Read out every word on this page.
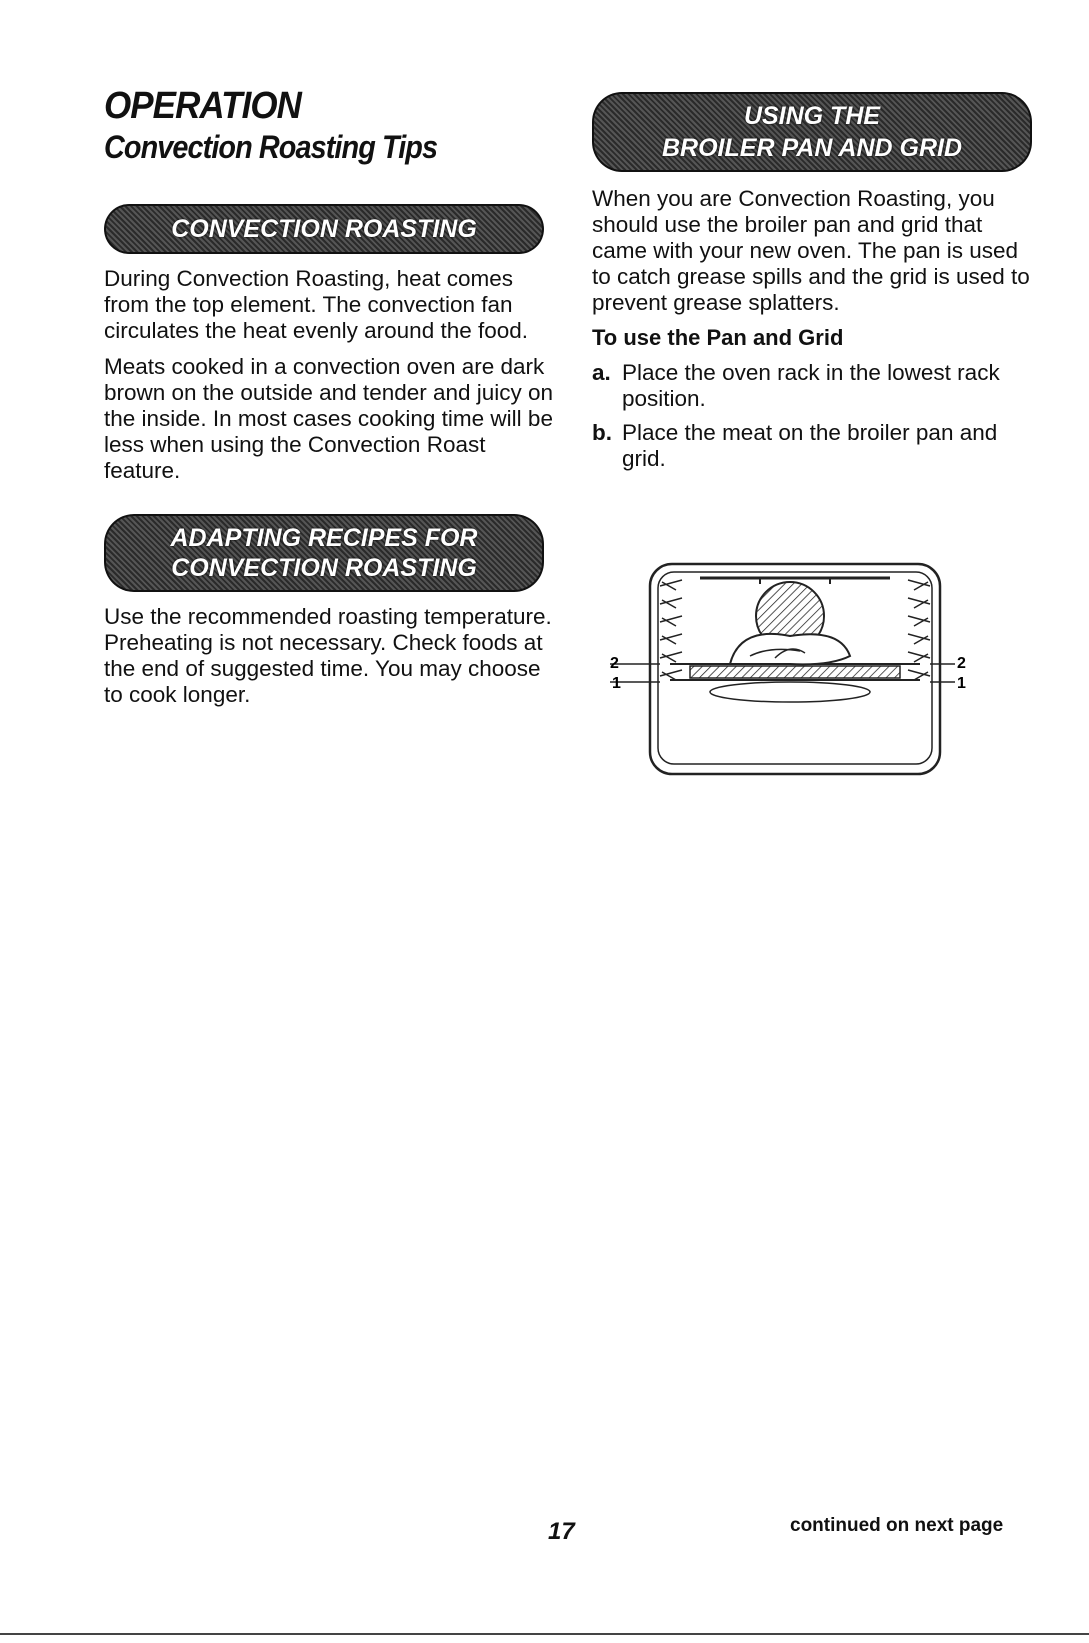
OPERATION
Convection Roasting Tips
CONVECTION ROASTING

During Convection Roasting, heat comes from the top element. The convection fan circulates the heat evenly around the food.

Meats cooked in a convection oven are dark brown on the outside and tender and juicy on the inside. In most cases cooking time will be less when using the Convection Roast feature.

ADAPTING RECIPES FOR
CONVECTION ROASTING

Use the recommended roasting temperature. Preheating is not necessary. Check foods at the end of suggested time. You may choose to cook longer.

USING THE
BROILER PAN AND GRID

When you are Convection Roasting, you should use the broiler pan and grid that came with your new oven. The pan is used to catch grease spills and the grid is used to prevent grease splatters.

To use the Pan and Grid
a. Place the oven rack in the lowest rack position.
b. Place the meat on the broiler pan and grid.
2
1
2
1
17	continued on next page
